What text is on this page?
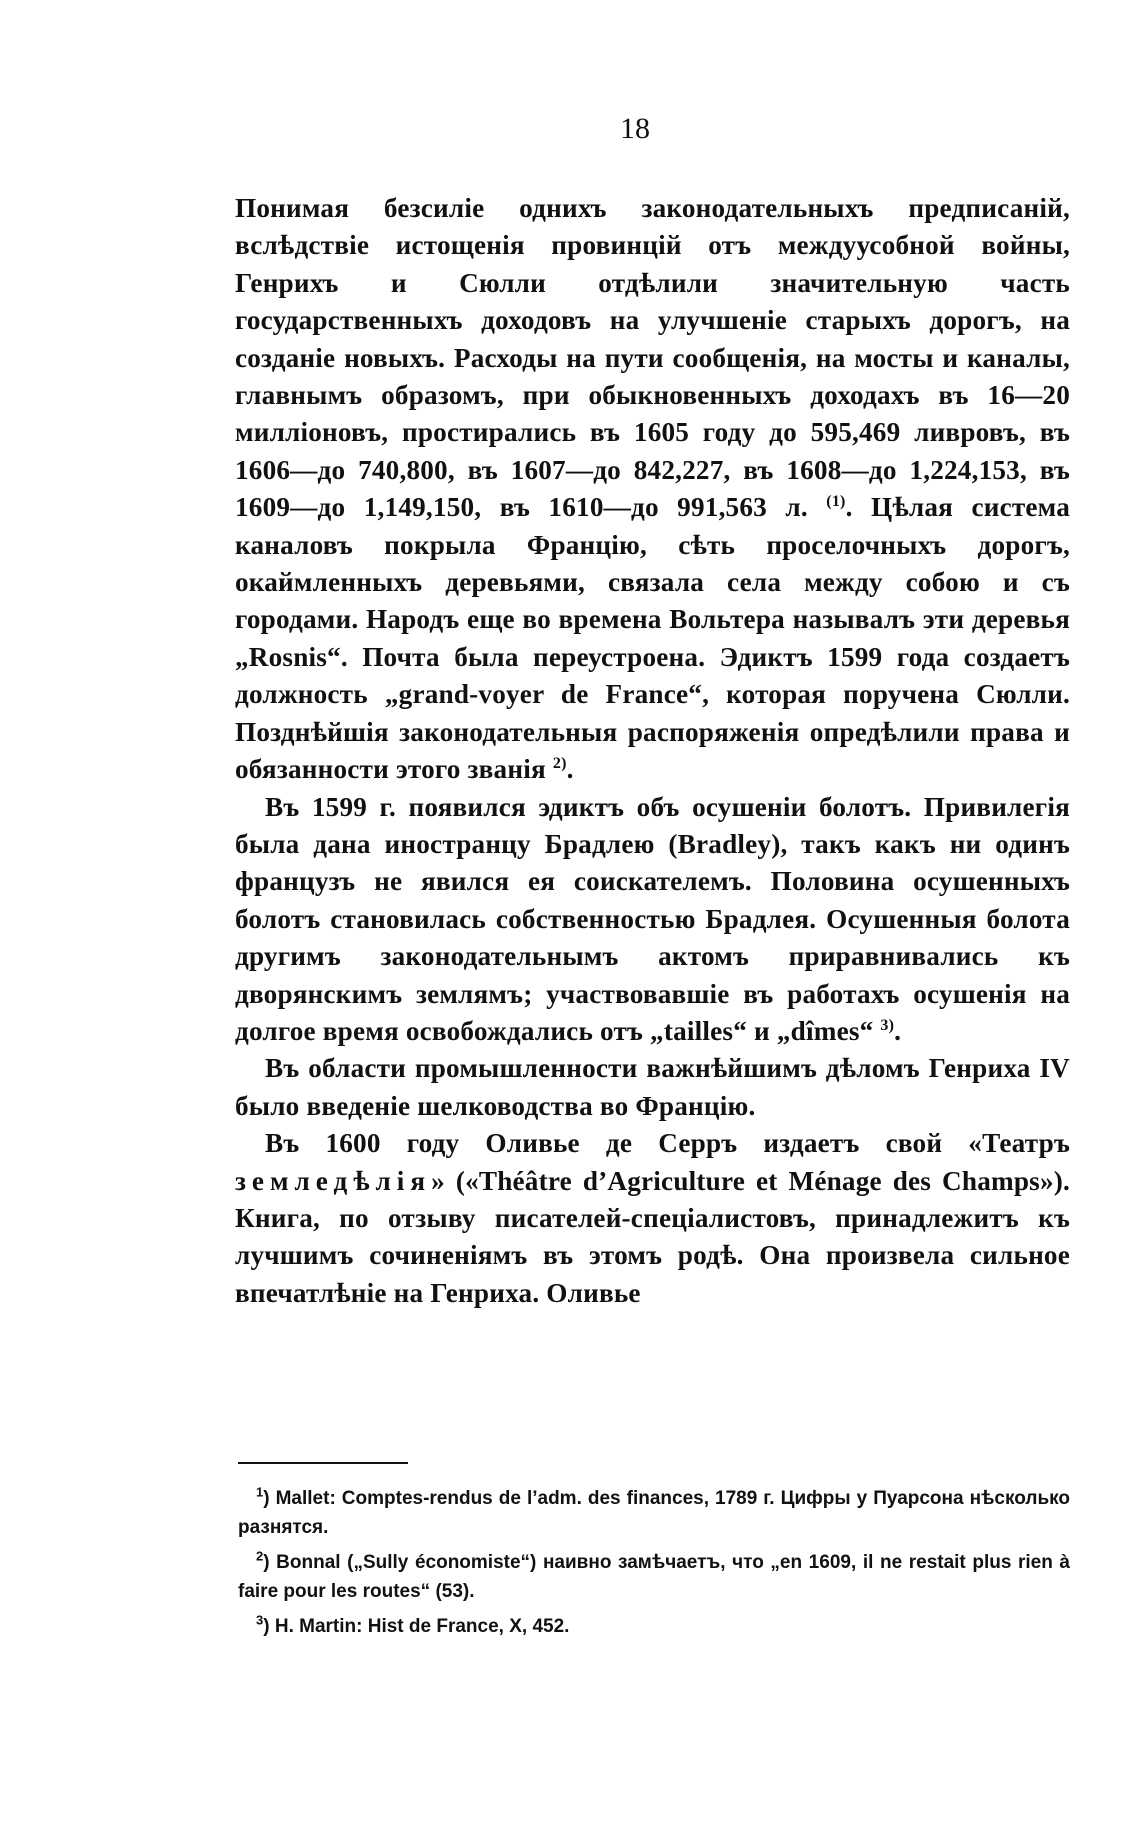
18

Понимая безсиліе однихъ законодательныхъ предписаній, вслѣдствіе истощенія провинцій отъ междуусобной войны, Генрихъ и Сюлли отдѣлили значительную часть государственныхъ доходовъ на улучшеніе старыхъ дорогъ, на созданіе новыхъ. Расходы на пути сообщенія, на мосты и каналы, главнымъ образомъ, при обыкновенныхъ доходахъ въ 16—20 милліоновъ, простирались въ 1605 году до 595,469 ливровъ, въ 1606—до 740,800, въ 1607—до 842,227, въ 1608—до 1,224,153, въ 1609—до 1,149,150, въ 1610—до 991,563 л. $^{(1)}$. Цѣлая система каналовъ покрыла Францію, сѣть проселочныхъ дорогъ, окаймленныхъ деревьями, связала села между собою и съ городами. Народъ еще во времена Вольтера называлъ эти деревья „Rosnis“. Почта была переустроена. Эдиктъ 1599 года создаетъ должность „grand-voyer de France“, которая поручена Сюлли. Позднѣйшія законодательныя распоряженія опредѣлили права и обязанности этого званія $^{2)}$.

Въ 1599 г. появился эдиктъ объ осушеніи болотъ. Привилегія была дана иностранцу Брадлею (Bradley), такъ какъ ни одинъ французъ не явился ея соискателемъ. Половина осушенныхъ болотъ становилась собственностью Брадлея. Осушенныя болота другимъ законодательнымъ актомъ приравнивались къ дворянскимъ землямъ; участвовавшіе въ работахъ осушенія на долгое время освобождались отъ „tailles“ и „dîmes“ $^{3)}$.

Въ области промышленности важнѣйшимъ дѣломъ Генриха IV было введеніе шелководства во Францію.

Въ 1600 году Оливье де Серръ издаетъ свой «Театръ земледѣлія» («Théâtre d’Agriculture et Ménage des Champs»). Книга, по отзыву писателей-спеціалистовъ, принадлежитъ къ лучшимъ сочиненіямъ въ этомъ родѣ. Она произвела сильное впечатлѣніе на Генриха. Оливье

$^1$) Mallet: Comptes-rendus de l’adm. des finances, 1789 г. Цифры у Пуарсона нѣсколько разнятся.

$^2$) Bonnal („Sully économiste“) наивно замѣчаетъ, что „en 1609, il ne restait plus rien à faire pour les routes“ (53).

$^3$) H. Martin: Hist de France, X, 452.
